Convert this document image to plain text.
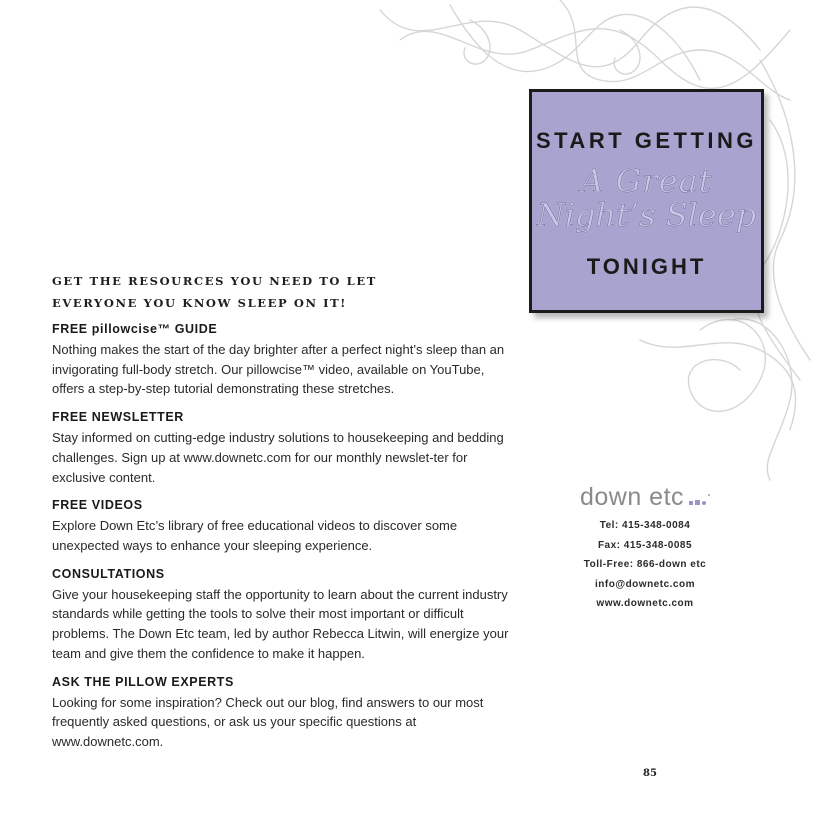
START GETTING
A Great
Night’s Sleep
TONIGHT
GET THE RESOURCES YOU NEED TO LET
EVERYONE YOU KNOW SLEEP ON IT!
FREE pillowcise™ GUIDE
Nothing makes the start of the day brighter after a perfect night’s sleep than an invigorating full-body stretch. Our pillowcise™ video, available on YouTube, offers a step-by-step tutorial demonstrating these stretches.
FREE NEWSLETTER
Stay informed on cutting-edge industry solutions to housekeeping and bedding challenges. Sign up at www.downetc.com for our monthly newslet-ter for exclusive content.
FREE VIDEOS
Explore Down Etc’s library of free educational videos to discover some unexpected ways to enhance your sleeping experience.
CONSULTATIONS
Give your housekeeping staff the opportunity to learn about the current industry standards while getting the tools to solve their most important or difficult problems. The Down Etc team, led by author Rebecca Litwin, will energize your team and give them the confidence to make it happen.
ASK THE PILLOW EXPERTS
Looking for some inspiration? Check out our blog, find answers to our most frequently asked questions, or ask us your specific questions at www.downetc.com.
down etc
Tel: 415-348-0084
Fax: 415-348-0085
Toll-Free: 866-down etc
info@downetc.com
www.downetc.com
85
